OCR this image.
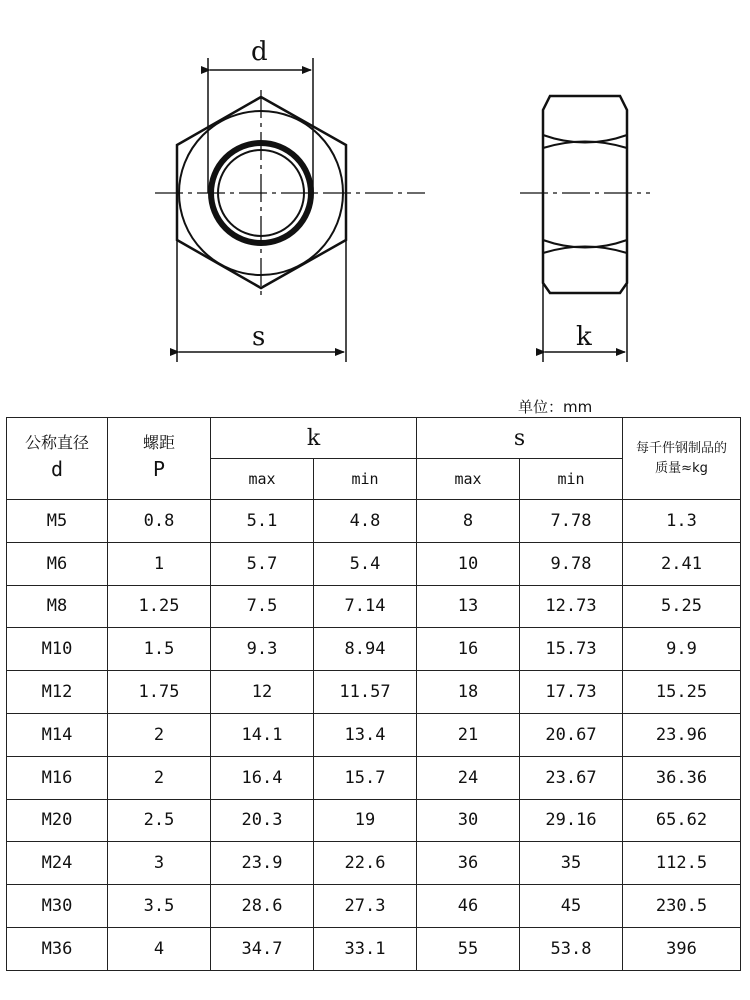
d
s	k
单位：mm
公称直径
d	螺距
P	k		s		每千件钢制品的
质量≈kg

		max	min	max	min	
M5	0.8	5.1	4.8	8	7.78	1.3
M6	1	5.7	5.4	10	9.78	2.41
M8	1.25	7.5	7.14	13	12.73	5.25
M10	1.5	9.3	8.94	16	15.73	9.9
M12	1.75	12	11.57	18	17.73	15.25
M14	2	14.1	13.4	21	20.67	23.96
M16	2	16.4	15.7	24	23.67	36.36
M20	2.5	20.3	19	30	29.16	65.62
M24	3	23.9	22.6	36	35	112.5
M30	3.5	28.6	27.3	46	45	230.5
M36	4	34.7	33.1	55	53.8	396
